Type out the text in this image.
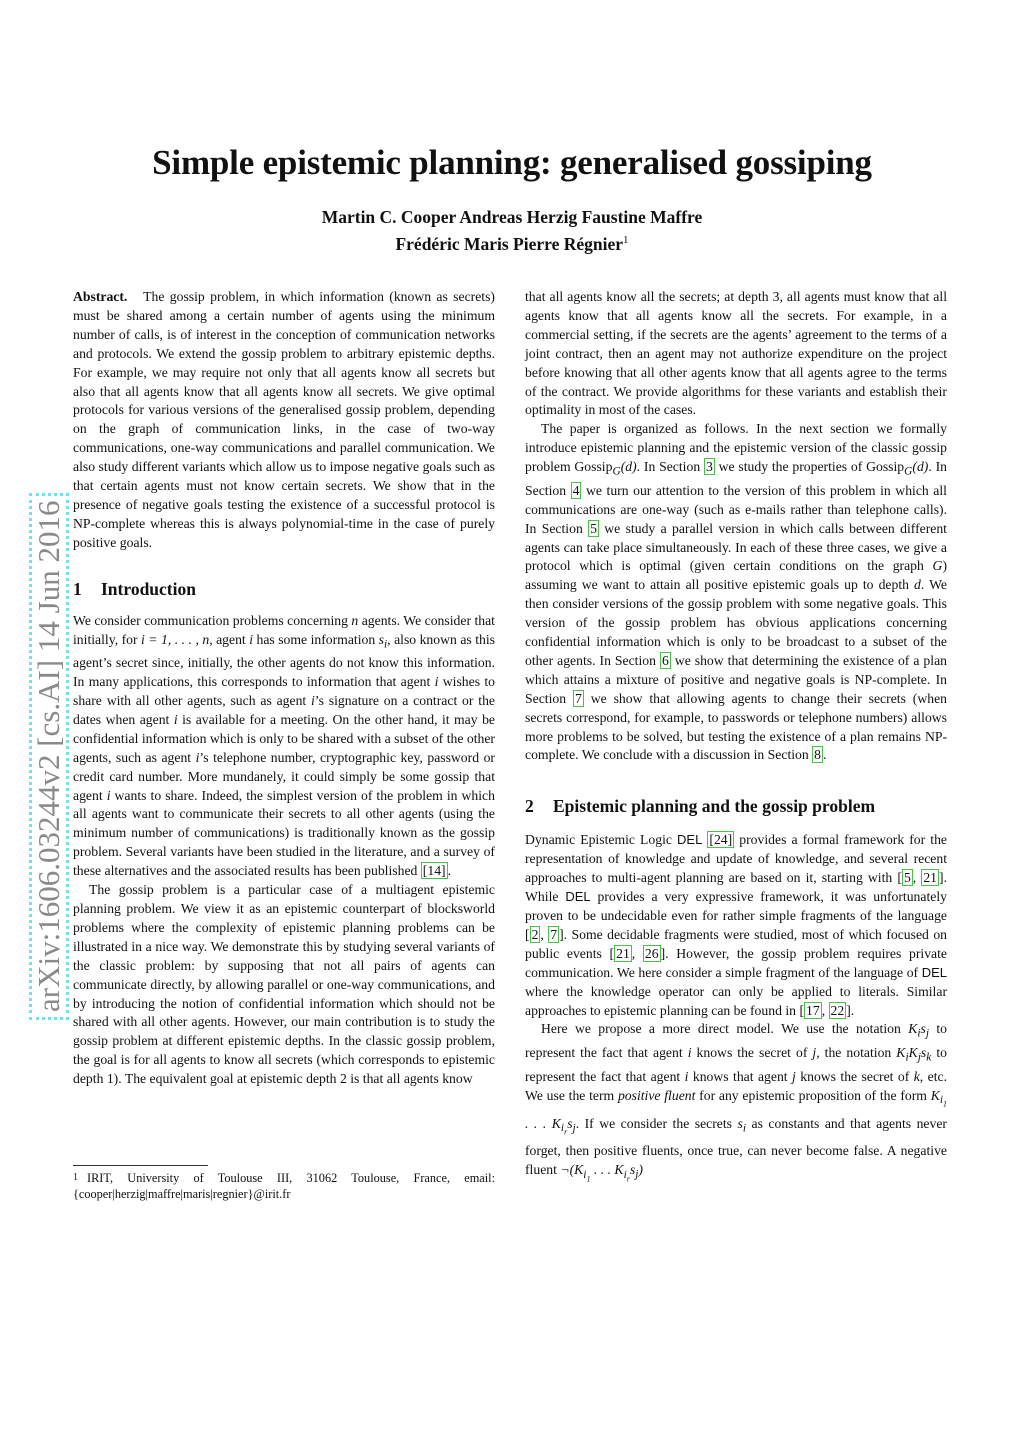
Simple epistemic planning: generalised gossiping
Martin C. Cooper Andreas Herzig Faustine Maffre
Frédéric Maris Pierre Régnier$^1$
arXiv:1606.03244v2 [cs.AI] 14 Jun 2016

Abstract. The gossip problem, in which information (known as secrets) must be shared among a certain number of agents using the minimum number of calls, is of interest in the conception of communication networks and protocols. We extend the gossip problem to arbitrary epistemic depths. For example, we may require not only that all agents know all secrets but also that all agents know that all agents know all secrets. We give optimal protocols for various versions of the generalised gossip problem, depending on the graph of communication links, in the case of two-way communications, one-way communications and parallel communication. We also study different variants which allow us to impose negative goals such as that certain agents must not know certain secrets. We show that in the presence of negative goals testing the existence of a successful protocol is NP-complete whereas this is always polynomial-time in the case of purely positive goals.

1 Introduction

We consider communication problems concerning n agents. We consider that initially, for i = 1, . . . , n, agent i has some information $s_i$, also known as this agent’s secret since, initially, the other agents do not know this information. In many applications, this corresponds to information that agent i wishes to share with all other agents, such as agent i’s signature on a contract or the dates when agent i is available for a meeting. On the other hand, it may be confidential information which is only to be shared with a subset of the other agents, such as agent i’s telephone number, cryptographic key, password or credit card number. More mundanely, it could simply be some gossip that agent i wants to share. Indeed, the simplest version of the problem in which all agents want to communicate their secrets to all other agents (using the minimum number of communications) is traditionally known as the gossip problem. Several variants have been studied in the literature, and a survey of these alternatives and the associated results has been published [14] .

The gossip problem is a particular case of a multiagent epistemic planning problem. We view it as an epistemic counterpart of blocksworld problems where the complexity of epistemic planning problems can be illustrated in a nice way. We demonstrate this by studying several variants of the classic problem: by supposing that not all pairs of agents can communicate directly, by allowing parallel or one-way communications, and by introducing the notion of confidential information which should not be shared with all other agents. However, our main contribution is to study the gossip problem at different epistemic depths. In the classic gossip problem, the goal is for all agents to know all secrets (which corresponds to epistemic depth 1). The equivalent goal at epistemic depth 2 is that all agents know

1 IRIT, University of Toulouse III, 31062 Toulouse, France, email: {cooper|herzig|maffre|maris|regnier}@irit.fr

that all agents know all the secrets; at depth 3, all agents must know that all agents know that all agents know all the secrets. For example, in a commercial setting, if the secrets are the agents’ agreement to the terms of a joint contract, then an agent may not authorize expenditure on the project before knowing that all other agents know that all agents agree to the terms of the contract. We provide algorithms for these variants and establish their optimality in most of the cases.

The paper is organized as follows. In the next section we formally introduce epistemic planning and the epistemic version of the classic gossip problem Gossip$_G$(d). In Section 3 we study the properties of Gossip$_G$(d). In Section 4 we turn our attention to the version of this problem in which all communications are one-way (such as e-mails rather than telephone calls). In Section 5 we study a parallel version in which calls between different agents can take place simultaneously. In each of these three cases, we give a protocol which is optimal (given certain conditions on the graph G) assuming we want to attain all positive epistemic goals up to depth d. We then consider versions of the gossip problem with some negative goals. This version of the gossip problem has obvious applications concerning confidential information which is only to be broadcast to a subset of the other agents. In Section 6 we show that determining the existence of a plan which attains a mixture of positive and negative goals is NP-complete. In Section 7 we show that allowing agents to change their secrets (when secrets correspond, for example, to passwords or telephone numbers) allows more problems to be solved, but testing the existence of a plan remains NP-complete. We conclude with a discussion in Section 8 .

2 Epistemic planning and the gossip problem

Dynamic Epistemic Logic DEL [24] provides a formal framework for the representation of knowledge and update of knowledge, and several recent approaches to multi-agent planning are based on it, starting with [ 5 , 21 ]. While DEL provides a very expressive framework, it was unfortunately proven to be undecidable even for rather simple fragments of the language [ 2 , 7 ]. Some decidable fragments were studied, most of which focused on public events [ 21 , 26 ]. However, the gossip problem requires private communication. We here consider a simple fragment of the language of DEL where the knowledge operator can only be applied to literals. Similar approaches to epistemic planning can be found in [ 17 , 22 ].

Here we propose a more direct model. We use the notation $K_is_j$ to represent the fact that agent i knows the secret of j, the notation $K_iK_js_k$ to represent the fact that agent i knows that agent j knows the secret of k, etc. We use the term positive fluent for any epistemic proposition of the form $K_{i_1}$ . . . $K_{i_r}s_j$. If we consider the secrets $s_i$ as constants and that agents never forget, then positive fluents, once true, can never become false. A negative fluent $\neg(K_{i_1}$ . . . $K_{i_r}s_j$)
